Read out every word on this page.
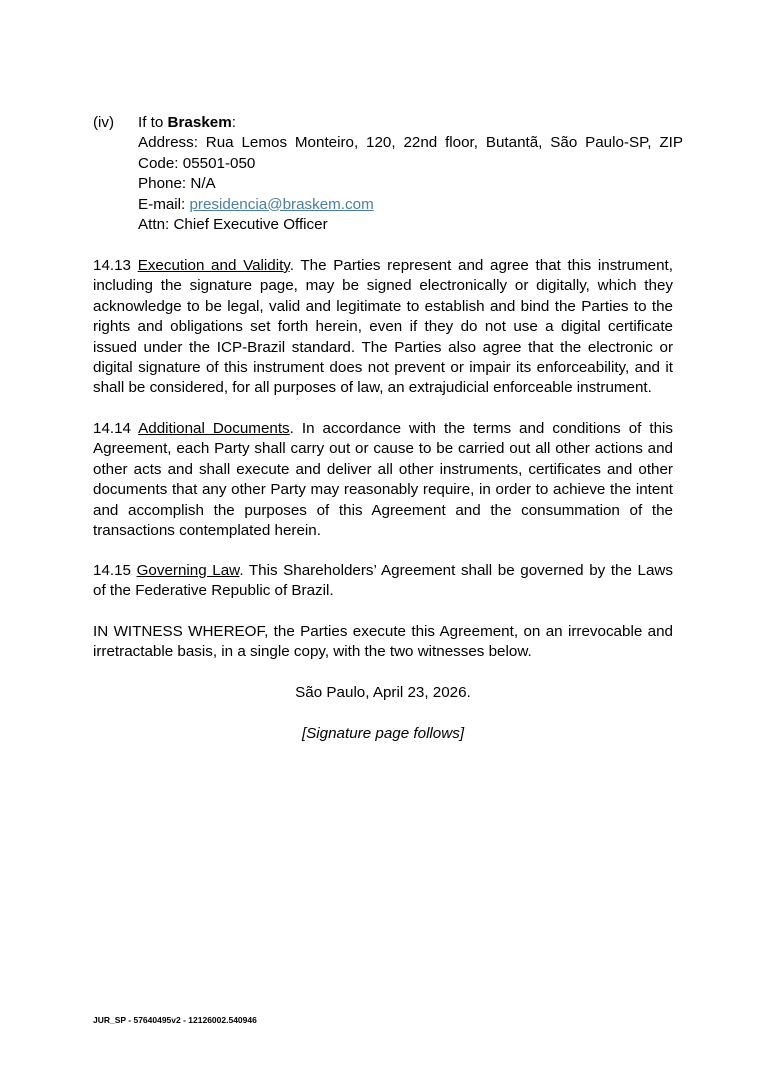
(iv) If to Braskem:
Address: Rua Lemos Monteiro, 120, 22nd floor, Butantã, São Paulo-SP, ZIP Code: 05501-050
Phone: N/A
E-mail: presidencia@braskem.com
Attn: Chief Executive Officer

14.13 Execution and Validity. The Parties represent and agree that this instrument, including the signature page, may be signed electronically or digitally, which they acknowledge to be legal, valid and legitimate to establish and bind the Parties to the rights and obligations set forth herein, even if they do not use a digital certificate issued under the ICP-Brazil standard. The Parties also agree that the electronic or digital signature of this instrument does not prevent or impair its enforceability, and it shall be considered, for all purposes of law, an extrajudicial enforceable instrument.

14.14 Additional Documents. In accordance with the terms and conditions of this Agreement, each Party shall carry out or cause to be carried out all other actions and other acts and shall execute and deliver all other instruments, certificates and other documents that any other Party may reasonably require, in order to achieve the intent and accomplish the purposes of this Agreement and the consummation of the transactions contemplated herein.

14.15 Governing Law. This Shareholders’ Agreement shall be governed by the Laws of the Federative Republic of Brazil.

IN WITNESS WHEREOF, the Parties execute this Agreement, on an irrevocable and irretractable basis, in a single copy, with the two witnesses below.

São Paulo, April 23, 2026.
[Signature page follows]
JUR_SP - 57640495v2 - 12126002.540946
